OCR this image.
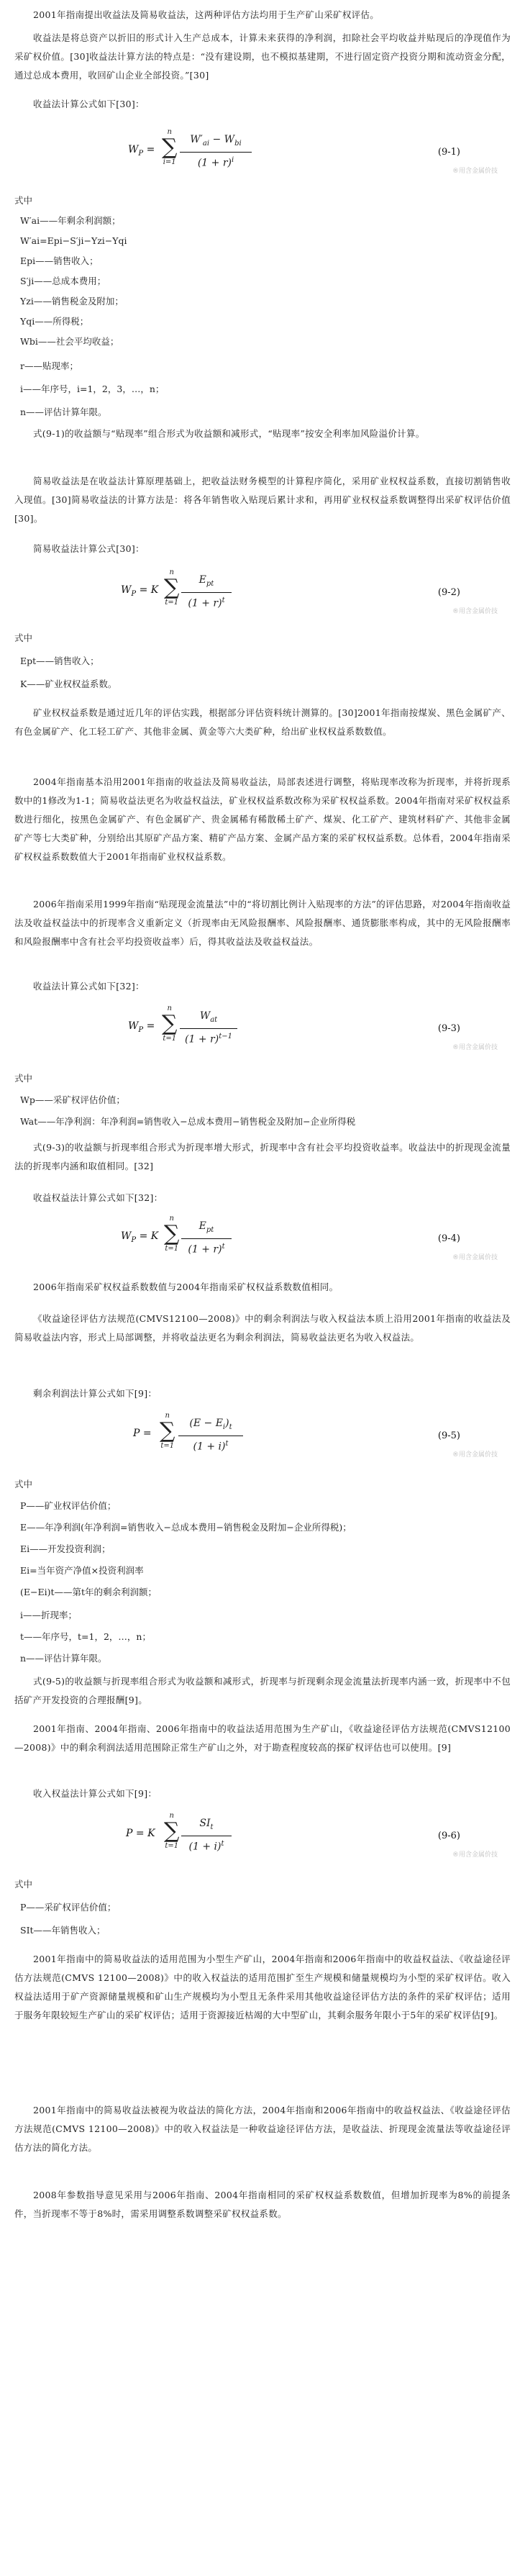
2001年指南提出收益法及简易收益法，这两种评估方法均用于生产矿山采矿权评估。
收益法是将总资产以折旧的形式计入生产总成本，计算未来获得的净利润，扣除社会平均收益并贴现后的净现值作为采矿权价值。[30]收益法计算方法的特点是：“没有建设期，也不模拟基建期，不进行固定资产投资分期和流动资金分配，通过总成本费用，收回矿山企业全部投资。”[30]
收益法计算公式如下[30]：
$W_P$ =
n
∑
i=1
$W'_{ai} - W_{bi}$
$(1 + r)^i$
(9-1)
®用含金属价技
式中
W′ai——年剩余利润额；
W′ai=Epi−S′ji−Yzi−Yqi
Epi——销售收入；
S′ji——总成本费用；
Yzi——销售税金及附加；
Yqi——所得税；
Wbi——社会平均收益；
r——贴现率；
i——年序号，i=1，2，3，…，n；
n——评估计算年限。
式(9-1)的收益额与“贴现率”组合形式为收益额和减形式，“贴现率”按安全利率加风险溢价计算。
简易收益法是在收益法计算原理基础上，把收益法财务模型的计算程序简化，采用矿业权权益系数，直接切割销售收入现值。[30]简易收益法的计算方法是：将各年销售收入贴现后累计求和，再用矿业权权益系数调整得出采矿权评估价值[30]。
简易收益法计算公式[30]：
$W_P = K$
n
∑
t=1
$E_{pt}$
$(1 + r)^t$
(9-2)
®用含金属价技
式中
Ept——销售收入；
K——矿业权权益系数。
矿业权权益系数是通过近几年的评估实践，根据部分评估资料统计测算的。[30]2001年指南按煤炭、黑色金属矿产、有色金属矿产、化工轻工矿产、其他非金属、黄金等六大类矿种，给出矿业权权益系数数值。
2004年指南基本沿用2001年指南的收益法及简易收益法，局部表述进行调整，将贴现率改称为折现率，并将折现系数中的1修改为1-1；简易收益法更名为收益权益法，矿业权权益系数改称为采矿权权益系数。2004年指南对采矿权权益系数进行细化，按黑色金属矿产、有色金属矿产、贵金属稀有稀散稀土矿产、煤炭、化工矿产、建筑材料矿产、其他非金属矿产等七大类矿种，分别给出其原矿产品方案、精矿产品方案、金属产品方案的采矿权权益系数。总体看，2004年指南采矿权权益系数数值大于2001年指南矿业权权益系数。
2006年指南采用1999年指南“贴现现金流量法”中的“将切割比例计入贴现率的方法”的评估思路，对2004年指南收益法及收益权益法中的折现率含义重新定义（折现率由无风险报酬率、风险报酬率、通货膨胀率构成，其中的无风险报酬率和风险报酬率中含有社会平均投资收益率）后，得其收益法及收益权益法。
收益法计算公式如下[32]：
$W_P$ =
n
∑
t=1
$W_{at}$
$(1 + r)^{t-1}$
(9-3)
®用含金属价技
式中
Wp——采矿权评估价值；
Wat——年净利润：年净利润=销售收入−总成本费用−销售税金及附加−企业所得税
式(9-3)的收益额与折现率组合形式为折现率增大形式，折现率中含有社会平均投资收益率。收益法中的折现现金流量法的折现率内涵和取值相同。[32]
收益权益法计算公式如下[32]：
$W_P = K$
n
∑
t=1
$E_{pt}$
$(1 + r)^t$
(9-4)
®用含金属价技
2006年指南采矿权权益系数数值与2004年指南采矿权权益系数数值相同。
《收益途径评估方法规范(CMVS12100—2008)》中的剩余利润法与收入权益法本质上沿用2001年指南的收益法及简易收益法内容，形式上局部调整，并将收益法更名为剩余利润法，简易收益法更名为收入权益法。
剩余利润法计算公式如下[9]：
P =
n
∑
t=1
$(E - E_i)_t$
$(1 + i)^t$
(9-5)
®用含金属价技
式中
P——矿业权评估价值；
E——年净利润(年净利润=销售收入−总成本费用−销售税金及附加−企业所得税)；
Ei——开发投资利润；
Ei=当年资产净值×投资利润率
(E−Ei)t——第t年的剩余利润额；
i——折现率；
t——年序号，t=1，2，…，n；
n——评估计算年限。
式(9-5)的收益额与折现率组合形式为收益额和减形式，折现率与折现剩余现金流量法折现率内涵一致，折现率中不包括矿产开发投资的合理报酬[9]。
2001年指南、2004年指南、2006年指南中的收益法适用范围为生产矿山，《收益途径评估方法规范(CMVS12100—2008)》中的剩余利润法适用范围除正常生产矿山之外，对于勘查程度较高的探矿权评估也可以使用。[9]
收入权益法计算公式如下[9]：
P = K
n
∑
t=1
$SI_t$
$(1 + i)^t$
(9-6)
®用含金属价技
式中
P——采矿权评估价值；
SIt——年销售收入；
2001年指南中的简易收益法的适用范围为小型生产矿山，2004年指南和2006年指南中的收益权益法、《收益途径评估方法规范(CMVS 12100—2008)》中的收入权益法的适用范围扩至生产规模和储量规模均为小型的采矿权评估。收入权益法适用于矿产资源储量规模和矿山生产规模均为小型且无条件采用其他收益途径评估方法的条件的采矿权评估；适用于服务年限较短生产矿山的采矿权评估；适用于资源接近枯竭的大中型矿山，其剩余服务年限小于5年的采矿权评估[9]。
2001年指南中的简易收益法被视为收益法的简化方法，2004年指南和2006年指南中的收益权益法、《收益途径评估方法规范(CMVS 12100—2008)》中的收入权益法是一种收益途径评估方法，是收益法、折现现金流量法等收益途径评估方法的简化方法。
2008年参数指导意见采用与2006年指南、2004年指南相同的采矿权权益系数数值，但增加折现率为8%的前提条件，当折现率不等于8%时，需采用调整系数调整采矿权权益系数。
